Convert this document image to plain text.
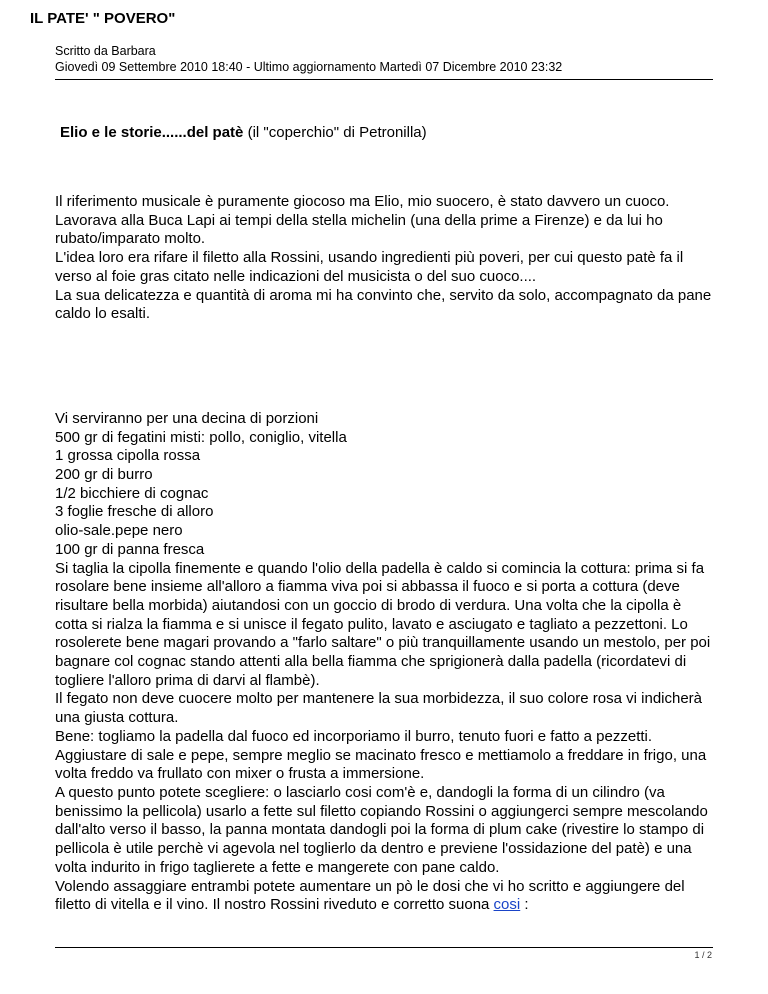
IL PATE' " POVERO"
Scritto da Barbara
Giovedì 09 Settembre 2010 18:40 - Ultimo aggiornamento Martedì 07 Dicembre 2010 23:32
Elio e le storie......del patè (il "coperchio" di Petronilla)

Il riferimento musicale è puramente giocoso ma Elio, mio suocero, è stato davvero un cuoco. Lavorava alla Buca Lapi ai tempi della stella michelin (una della prime a Firenze) e da lui ho rubato/imparato molto.

L'idea loro era rifare il filetto alla Rossini, usando ingredienti più poveri, per cui questo patè fa il verso al foie gras citato nelle indicazioni del musicista o del suo cuoco....

La sua delicatezza e quantità di aroma mi ha convinto che, servito da solo, accompagnato da pane caldo lo esalti.

Vi serviranno per una decina di porzioni

500 gr di fegatini misti: pollo, coniglio, vitella

1 grossa cipolla rossa

200 gr di burro

1/2 bicchiere di cognac

3 foglie fresche di alloro

olio-sale.pepe nero

100 gr di panna fresca

Si taglia la cipolla finemente e quando l'olio della padella è caldo si comincia la cottura: prima si fa rosolare bene insieme all'alloro a fiamma viva poi si abbassa il fuoco e si porta a cottura (deve risultare bella morbida) aiutandosi con un goccio di brodo di verdura. Una volta che la cipolla è cotta si rialza la fiamma e si unisce il fegato pulito, lavato e asciugato e tagliato a pezzettoni. Lo rosolerete bene magari provando a "farlo saltare" o più tranquillamente usando un mestolo, per poi bagnare col cognac stando attenti alla bella fiamma che sprigionerà dalla padella (ricordatevi di togliere l'alloro prima di darvi al flambè).

Il fegato non deve cuocere molto per mantenere la sua morbidezza, il suo colore rosa vi indicherà una giusta cottura.

Bene: togliamo la padella dal fuoco ed incorporiamo il burro, tenuto fuori e fatto a pezzetti. Aggiustare di sale e pepe, sempre meglio se macinato fresco e mettiamolo a freddare in frigo, una volta freddo va frullato con mixer o frusta a immersione.

A questo punto potete scegliere: o lasciarlo cosi com'è e, dandogli la forma di un cilindro (va benissimo la pellicola) usarlo a fette sul filetto copiando Rossini o aggiungerci sempre mescolando dall'alto verso il basso, la panna montata dandogli poi la forma di plum cake (rivestire lo stampo di pellicola è utile perchè vi agevola nel toglierlo da dentro e previene l'ossidazione del patè) e una volta indurito in frigo taglierete a fette e mangerete con pane caldo.

Volendo assaggiare entrambi potete aumentare un pò le dosi che vi ho scritto e aggiungere del filetto di vitella e il vino. Il nostro Rossini riveduto e corretto suona cosi :

1 / 2
